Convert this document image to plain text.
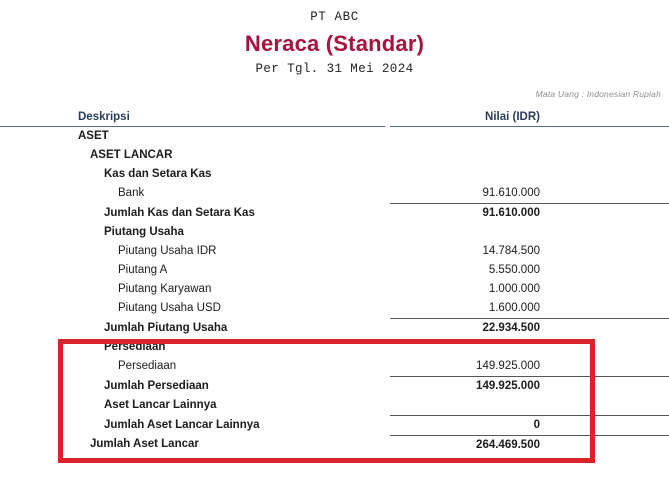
PT ABC
Neraca (Standar)
Per Tgl. 31 Mei 2024
Mata Uang : Indonesian Rupiah
Deskripsi		Nilai (IDR)
ASET		
ASET LANCAR		
Kas dan Setara Kas		
Bank		91.610.000
Jumlah Kas dan Setara Kas		91.610.000

Piutang Usaha		
Piutang Usaha IDR		14.784.500
Piutang A		5.550.000
Piutang Karyawan		1.000.000
Piutang Usaha USD		1.600.000
Jumlah Piutang Usaha		22.934.500

Persediaan		
Persediaan		149.925.000
Jumlah Persediaan		149.925.000

Aset Lancar Lainnya		
Jumlah Aset Lancar Lainnya		0
Jumlah Aset Lancar		264.469.500
